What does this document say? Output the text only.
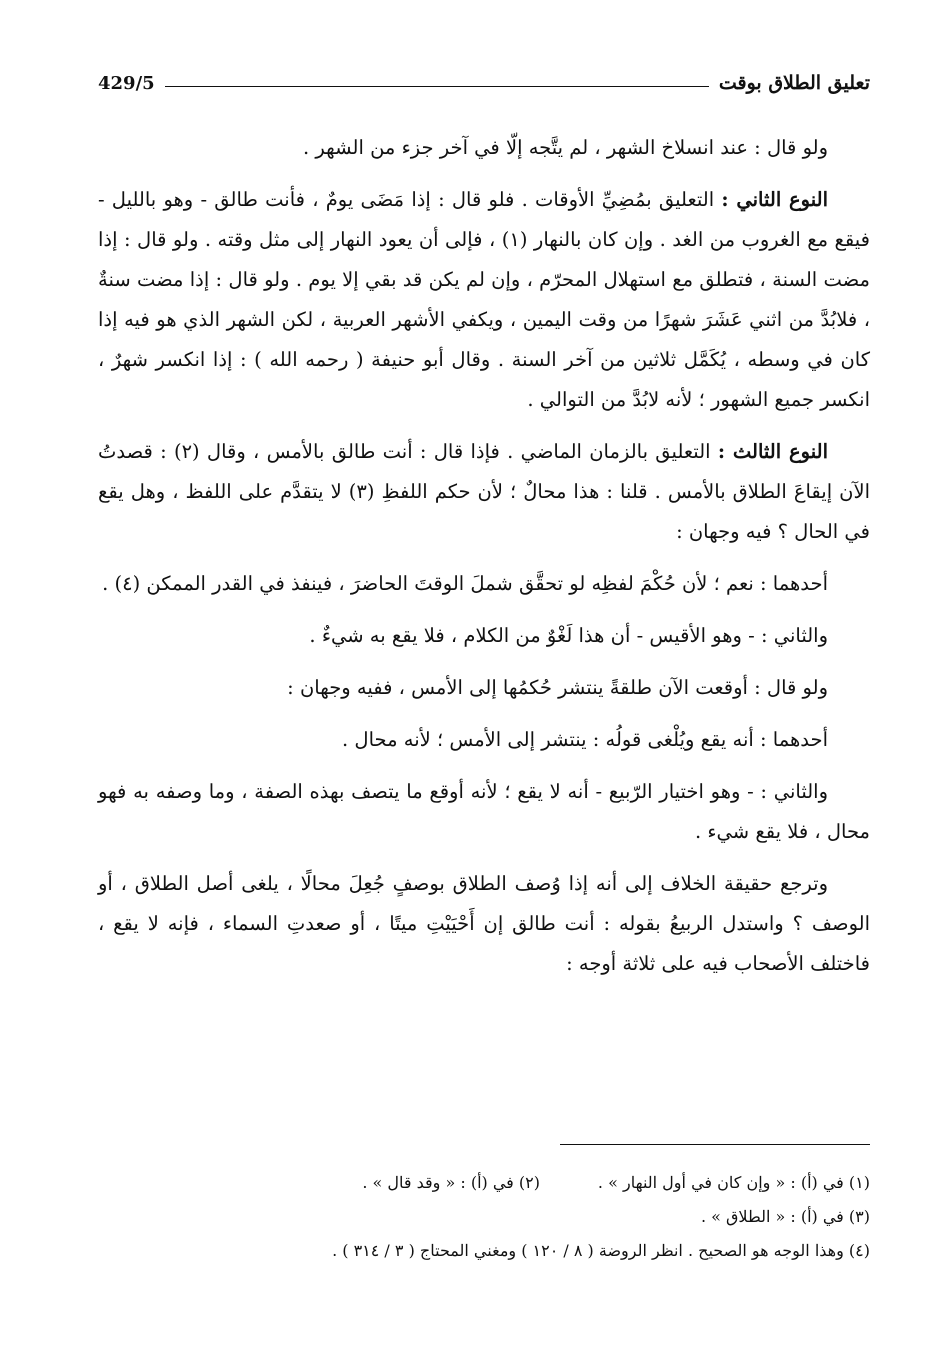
تعليق الطلاق بوقت
429/5

ولو قال : عند انسلاخ الشهر ، لم يتَّجه إلّا في آخر جزء من الشهر .

النوع الثاني : التعليق بمُضِيِّ الأوقات . فلو قال : إذا مَضَى يومٌ ، فأنت طالق - وهو بالليل - فيقع مع الغروب من الغد . وإن كان بالنهار (١) ، فإلى أن يعود النهار إلى مثل وقته . ولو قال : إذا مضت السنة ، فتطلق مع استهلال المحرّم ، وإن لم يكن قد بقي إلا يوم . ولو قال : إذا مضت سنةٌ ، فلابُدَّ من اثني عَشَرَ شهرًا من وقت اليمين ، ويكفي الأشهر العربية ، لكن الشهر الذي هو فيه إذا كان في وسطه ، يُكَمَّل ثلاثين من آخر السنة . وقال أبو حنيفة ( رحمه الله ) : إذا انكسر شهرٌ ، انكسر جميع الشهور ؛ لأنه لابُدَّ من التوالي .

النوع الثالث : التعليق بالزمان الماضي . فإذا قال : أنت طالق بالأمس ، وقال (٢) : قصدتُ الآن إيقاعَ الطلاق بالأمس . قلنا : هذا محالٌ ؛ لأن حكم اللفظِ (٣) لا يتقدَّم على اللفظ ، وهل يقع في الحال ؟ فيه وجهان :

أحدهما : نعم ؛ لأن حُكْمَ لفظِه لو تحقَّق شملَ الوقتَ الحاضرَ ، فينفذ في القدر الممكن (٤) .

والثاني : - وهو الأقيس - أن هذا لَغْوٌ من الكلام ، فلا يقع به شيءٌ .

ولو قال : أوقعت الآن طلقةً ينتشر حُكمُها إلى الأمس ، ففيه وجهان :

أحدهما : أنه يقع ويُلْغى قولُه : ينتشر إلى الأمس ؛ لأنه محال .

والثاني : - وهو اختيار الرّبيع - أنه لا يقع ؛ لأنه أوقع ما يتصف بهذه الصفة ، وما وصفه به فهو محال ، فلا يقع شيء .

وترجع حقيقة الخلاف إلى أنه إذا وُصف الطلاق بوصفٍ جُعِلَ محالًا ، يلغى أصل الطلاق ، أو الوصف ؟ واستدل الربيعُ بقوله : أنت طالق إن أَحْيَيْتِ ميتًا ، أو صعدتِ السماء ، فإنه لا يقع ، فاختلف الأصحاب فيه على ثلاثة أوجه :

(١) في (أ) : « وإن كان في أول النهار » .
(٢) في (أ) : « وقد قال » .
(٣) في (أ) : « الطلاق » .
(٤) وهذا الوجه هو الصحيح . انظر الروضة ( ٨ / ١٢٠ ) ومغني المحتاج ( ٣ / ٣١٤ ) .
